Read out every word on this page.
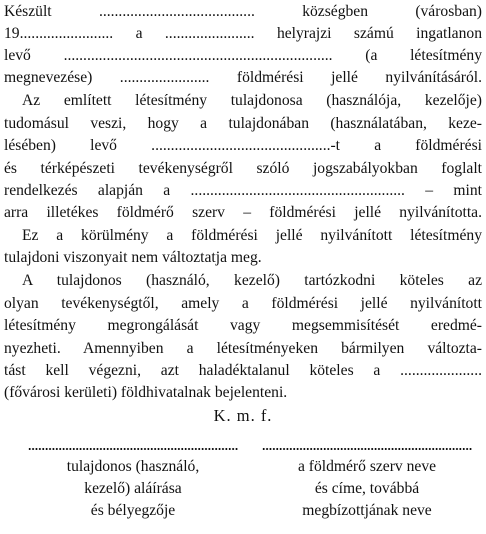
Készült ........................................ községben (városban)
19........................ a ....................... helyrajzi számú ingatlanon
levő ..................................................................... (a létesítmény
megnevezése) ....................... földmérési jellé nyilvánításáról.
Az említett létesítmény tulajdonosa (használója, kezelője)
tudomásul veszi, hogy a tulajdonában (használatában, keze-
lésében) levő ..............................................-t a földmérési
és térképészeti tevékenységről szóló jogszabályokban foglalt
rendelkezés alapján a ....................................................... – mint
arra illetékes földmérő szerv – földmérési jellé nyilvánította.
Ez a körülmény a földmérési jellé nyilvánított létesítmény
tulajdoni viszonyait nem változtatja meg.
A tulajdonos (használó, kezelő) tartózkodni köteles az
olyan tevékenységtől, amely a földmérési jellé nyilvánított
létesítmény megrongálását vagy megsemmisítését eredmé-
nyezheti. Amennyiben a létesítményeken bármilyen változta-
tást kell végezni, azt haladéktalanul köteles a .....................
(fővárosi kerületi) földhivatalnak bejelenteni.
K. m. f.
tulajdonos (használó,
kezelő) aláírása
és bélyegzője
a földmérő szerv neve
és címe, továbbá
megbízottjának neve
